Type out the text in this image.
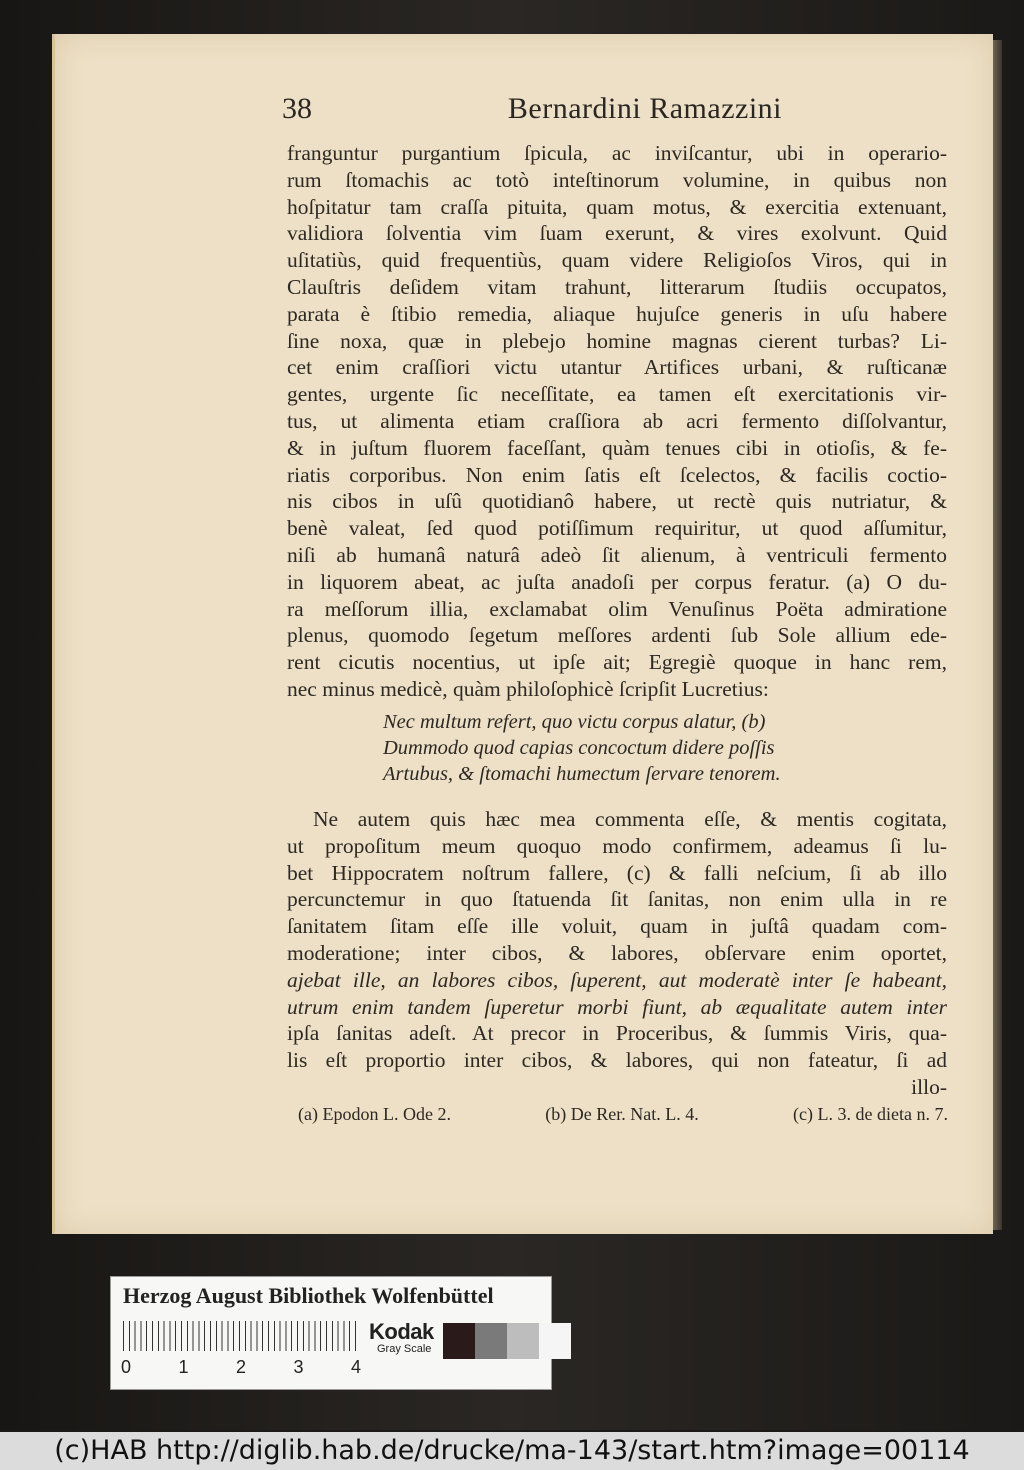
38	Bernardini Ramazzini
franguntur purgantium ſpicula, ac inviſcantur, ubi in operario-
rum ſtomachis ac totò inteſtinorum volumine, in quibus non
hoſpitatur tam craſſa pituita, quam motus, & exercitia extenuant,
validiora ſolventia vim ſuam exerunt, & vires exolvunt. Quid
uſitatiùs, quid frequentiùs, quam videre Religioſos Viros, qui in
Clauſtris deſidem vitam trahunt, litterarum ſtudiis occupatos,
parata è ſtibio remedia, aliaque hujuſce generis in uſu habere
ſine noxa, quæ in plebejo homine magnas cierent turbas? Li-
cet enim craſſiori victu utantur Artifices urbani, & ruſticanæ
gentes, urgente ſic neceſſitate, ea tamen eſt exercitationis vir-
tus, ut alimenta etiam craſſiora ab acri fermento diſſolvantur,
& in juſtum fluorem faceſſant, quàm tenues cibi in otioſis, & fe-
riatis corporibus. Non enim ſatis eſt ſcelectos, & facilis coctio-
nis cibos in uſû quotidianô habere, ut rectè quis nutriatur, &
benè valeat, ſed quod potiſſimum requiritur, ut quod aſſumitur,
niſi ab humanâ naturâ adeò ſit alienum, à ventriculi fermento
in liquorem abeat, ac juſta anadoſi per corpus feratur. (a) O du-
ra meſſorum illia, exclamabat olim Venuſinus Poëta admiratione
plenus, quomodo ſegetum meſſores ardenti ſub Sole allium ede-
rent cicutis nocentius, ut ipſe ait; Egregiè quoque in hanc rem,
nec minus medicè, quàm philoſophicè ſcripſit Lucretius:
Nec multum refert, quo victu corpus alatur, (b)
Dummodo quod capias concoctum didere poſſis
Artubus, & ſtomachi humectum ſervare tenorem.
Ne autem quis hæc mea commenta eſſe, & mentis cogitata,
ut propoſitum meum quoquo modo confirmem, adeamus ſi lu-
bet Hippocratem noſtrum fallere, (c) & falli neſcium, ſi ab illo
percunctemur in quo ſtatuenda ſit ſanitas, non enim ulla in re
ſanitatem ſitam eſſe ille voluit, quam in juſtâ quadam com-
moderatione; inter cibos, & labores, obſervare enim oportet,
ajebat ille, an labores cibos, ſuperent, aut moderatè inter ſe habeant,
utrum enim tandem ſuperetur morbi fiunt, ab æqualitate autem inter
ipſa ſanitas adeſt. At precor in Proceribus, & ſummis Viris, qua-
lis eſt proportio inter cibos, & labores, qui non fateatur, ſi ad
illo-
(a) Epodon L. Ode 2.	(b) De Rer. Nat. L. 4.	(c) L. 3. de dieta n. 7.
Herzog August Bibliothek Wolfenbüttel
0	1	2	3	4
Kodak
Gray Scale
(c)HAB http://diglib.hab.de/drucke/ma-143/start.htm?image=00114
